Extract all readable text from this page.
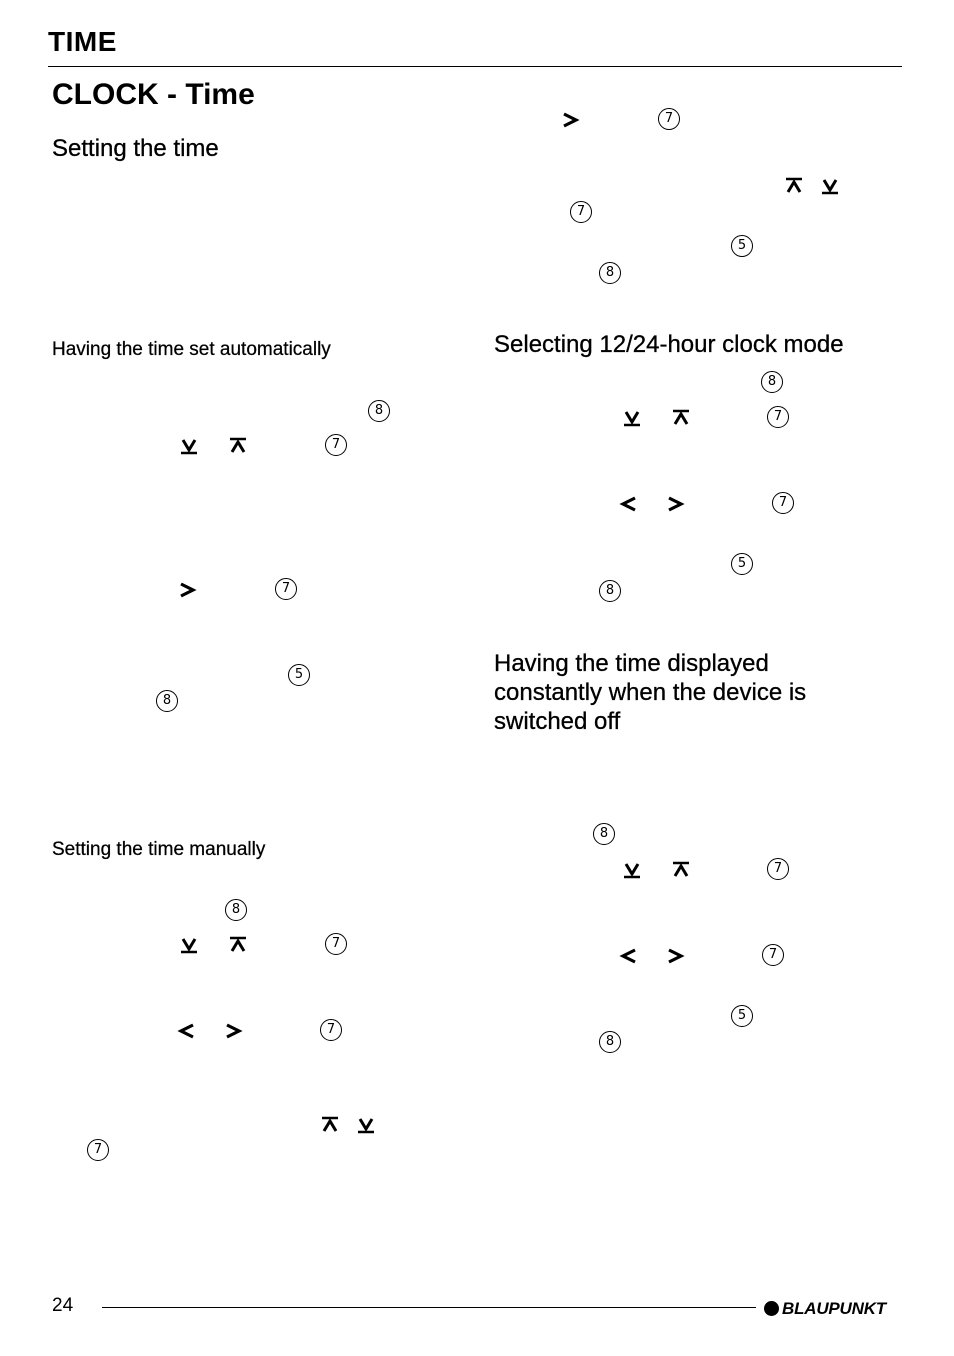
TIME
CLOCK - Time
Setting the time
Having the time set automatically
Setting the time manually
Selecting 12/24-hour clock mode
Having the time displayed
constantly when the device is
switched off
8
7
7
5
8
8
7
7
7
7
7
5
8
8
7
7
5
8
8
7
7
5
8
24	BLAUPUNKT
